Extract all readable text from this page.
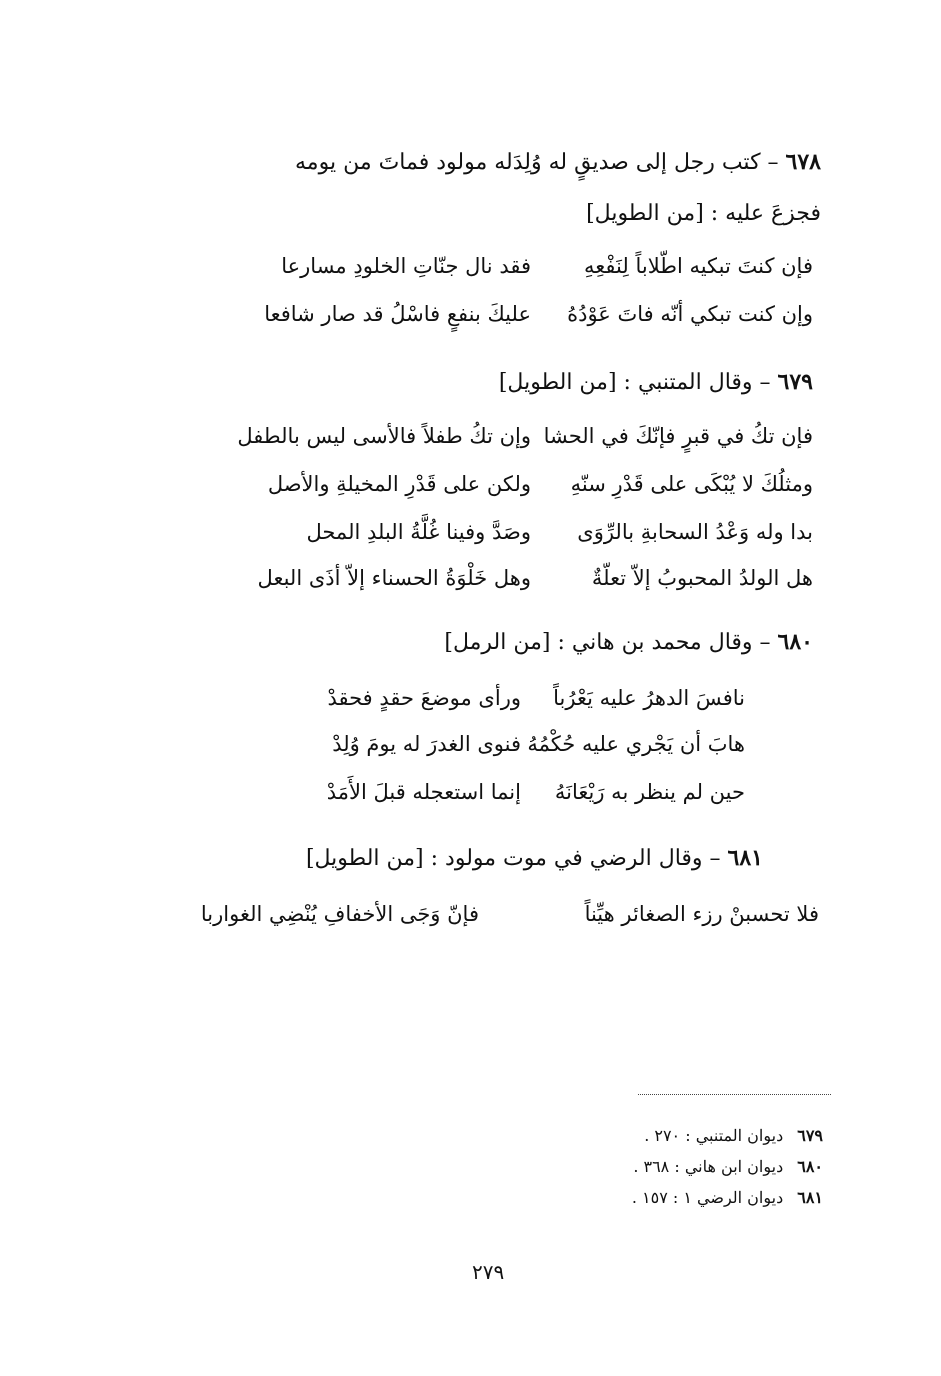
٦٧٨ – كتب رجل إلى صديقٍ له وُلِدَله مولود فماتَ من يومه
فجزعَ عليه : [من الطويل]
فإن كنتَ تبكيه اطّلاباً لِنَفْعِهِ
فقد نال جنّاتِ الخلودِ مسارعا
وإن كنت تبكي أنّه فاتَ عَوْدُهُ
عليكَ بنفعٍ فاسْلُ قد صار شافعا
٦٧٩ – وقال المتنبي : [من الطويل]
فإن تكُ في قبرٍ فإنّكَ في الحشا
وإن تكُ طفلاً فالأسى ليس بالطفل
ومثلُكَ لا يُبْكَى على قَدْرِ سنّهِ
ولكن على قَدْرِ المخيلةِ والأصل
بدا وله وَعْدُ السحابةِ بالرِّوَى
وصَدَّ وفينا غُلَّةُ البلدِ المحل
هل الولدُ المحبوبُ إلاّ تعلّةٌ
وهل خَلْوَةُ الحسناء إلاّ أذَى البعل
٦٨٠ – وقال محمد بن هاني : [من الرمل]
نافسَ الدهرُ عليه يَعْرُباً
ورأى موضعَ حقدٍ فحقدْ
هابَ أن يَجْري عليه حُكْمُهُ
فنوى الغدرَ له يومَ وُلِدْ
حين لم ينظر به رَيْعَانَهُ
إنما استعجله قبلَ الأَمَدْ
٦٨١ – وقال الرضي في موت مولود : [من الطويل]
فلا تحسبنْ رزء الصغائر هيِّناً
فإنّ وَجَى الأخفافِ يُنْضِي الغواربا
٦٧٩ديوان المتنبي : ٢٧٠ .
٦٨٠ديوان ابن هاني : ٣٦٨ .
٦٨١ديوان الرضي ١ : ١٥٧ .
٢٧٩
